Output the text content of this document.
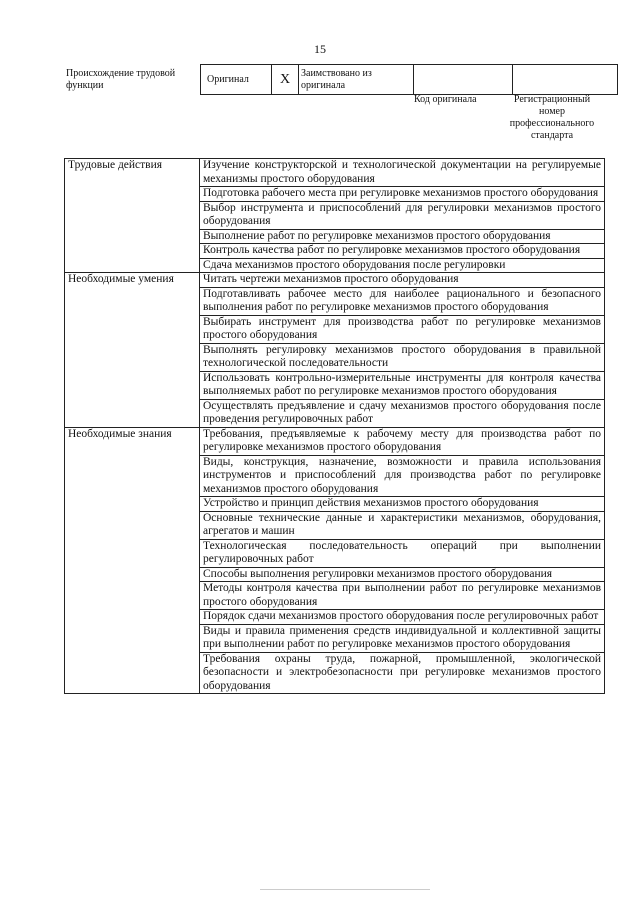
15
Происхождение трудовой функции	Оригинал	X	Заимствовано из оригинала		
Код оригинала	Регистрационный номер профессионального стандарта
Трудовые действия	Изучение конструкторской и технологической документации на регулируемые механизмы простого оборудования
	Подготовка рабочего места при регулировке механизмов простого оборудования
	Выбор инструмента и приспособлений для регулировки механизмов простого оборудования
	Выполнение работ по регулировке механизмов простого оборудования
	Контроль качества работ по регулировке механизмов простого оборудования
	Сдача механизмов простого оборудования после регулировки
Необходимые умения	Читать чертежи механизмов простого оборудования
	Подготавливать рабочее место для наиболее рационального и безопасного выполнения работ по регулировке механизмов простого оборудования
	Выбирать инструмент для производства работ по регулировке механизмов простого оборудования
	Выполнять регулировку механизмов простого оборудования в правильной технологической последовательности
	Использовать контрольно-измерительные инструменты для контроля качества выполняемых работ по регулировке механизмов простого оборудования
	Осуществлять предъявление и сдачу механизмов простого оборудования после проведения регулировочных работ
Необходимые знания	Требования, предъявляемые к рабочему месту для производства работ по регулировке механизмов простого оборудования
	Виды, конструкция, назначение, возможности и правила использования инструментов и приспособлений для производства работ по регулировке механизмов простого оборудования
	Устройство и принцип действия механизмов простого оборудования
	Основные технические данные и характеристики механизмов, оборудования, агрегатов и машин
	Технологическая последовательность операций при выполнении регулировочных работ
	Способы выполнения регулировки механизмов простого оборудования
	Методы контроля качества при выполнении работ по регулировке механизмов простого оборудования
	Порядок сдачи механизмов простого оборудования после регулировочных работ
	Виды и правила применения средств индивидуальной и коллективной защиты при выполнении работ по регулировке механизмов простого оборудования
	Требования охраны труда, пожарной, промышленной, экологической безопасности и электробезопасности при регулировке механизмов простого оборудования
